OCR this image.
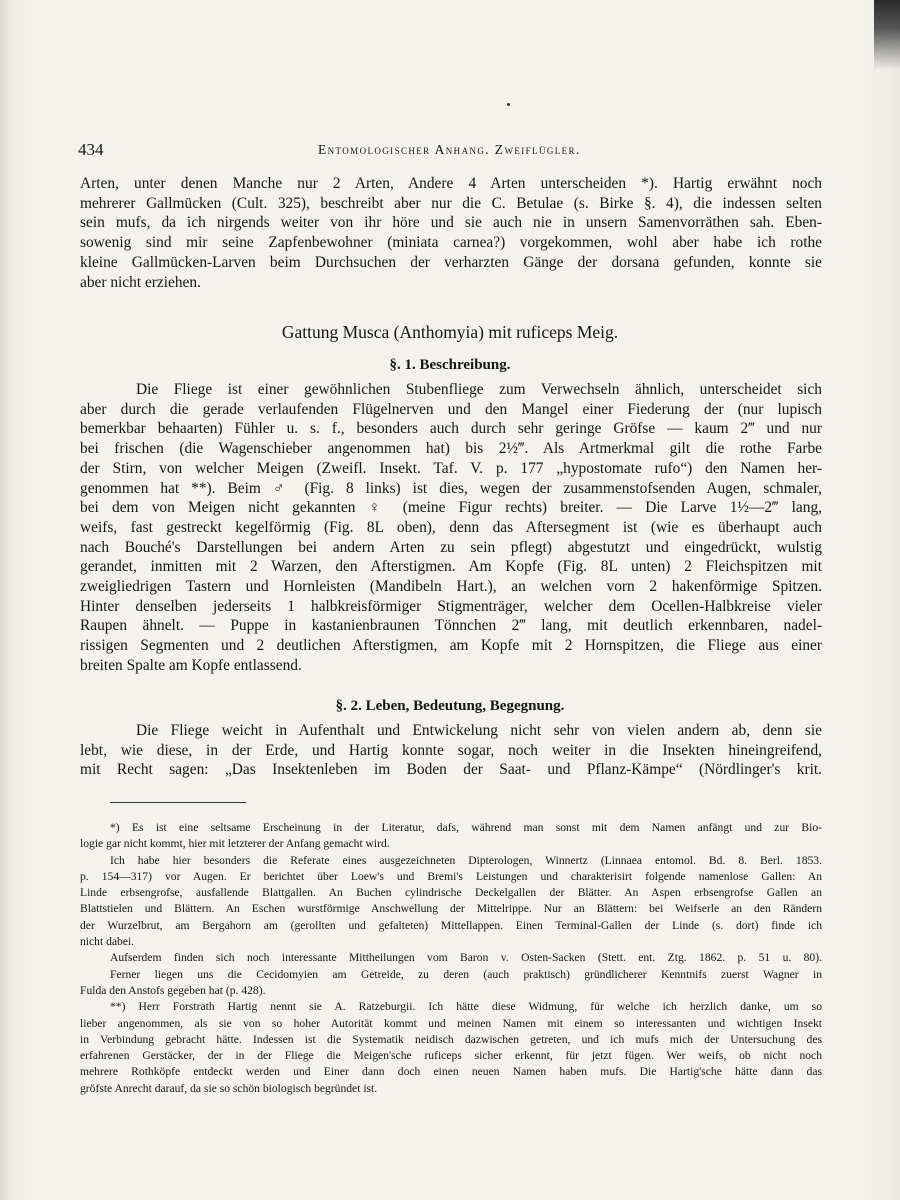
434	Entomologischer Anhang. Zweiflügler.
Arten, unter denen Manche nur 2 Arten, Andere 4 Arten unterscheiden *). Hartig erwähnt noch
mehrerer Gallmücken (Cult. 325), beschreibt aber nur die C. Betulae (s. Birke §. 4), die indessen selten
sein mufs, da ich nirgends weiter von ihr höre und sie auch nie in unsern Samenvorräthen sah. Eben-
sowenig sind mir seine Zapfenbewohner (miniata carnea?) vorgekommen, wohl aber habe ich rothe
kleine Gallmücken-Larven beim Durchsuchen der verharzten Gänge der dorsana gefunden, konnte sie
aber nicht erziehen.
Gattung Musca (Anthomyia) mit ruficeps Meig.
§. 1. Beschreibung.
Die Fliege ist einer gewöhnlichen Stubenfliege zum Verwechseln ähnlich, unterscheidet sich
aber durch die gerade verlaufenden Flügelnerven und den Mangel einer Fiederung der (nur lupisch
bemerkbar behaarten) Fühler u. s. f., besonders auch durch sehr geringe Gröfse — kaum 2‴ und nur
bei frischen (die Wagenschieber angenommen hat) bis 2½‴. Als Artmerkmal gilt die rothe Farbe
der Stirn, von welcher Meigen (Zweifl. Insekt. Taf. V. p. 177 „hypostomate rufo“) den Namen her-
genommen hat **). Beim ♂ (Fig. 8 links) ist dies, wegen der zusammenstofsenden Augen, schmaler,
bei dem von Meigen nicht gekannten ♀ (meine Figur rechts) breiter. — Die Larve 1½—2‴ lang,
weifs, fast gestreckt kegelförmig (Fig. 8L oben), denn das Aftersegment ist (wie es überhaupt auch
nach Bouché's Darstellungen bei andern Arten zu sein pflegt) abgestutzt und eingedrückt, wulstig
gerandet, inmitten mit 2 Warzen, den Afterstigmen. Am Kopfe (Fig. 8L unten) 2 Fleichspitzen mit
zweigliedrigen Tastern und Hornleisten (Mandibeln Hart.), an welchen vorn 2 hakenförmige Spitzen.
Hinter denselben jederseits 1 halbkreisförmiger Stigmenträger, welcher dem Ocellen-Halbkreise vieler
Raupen ähnelt. — Puppe in kastanienbraunen Tönnchen 2‴ lang, mit deutlich erkennbaren, nadel-
rissigen Segmenten und 2 deutlichen Afterstigmen, am Kopfe mit 2 Hornspitzen, die Fliege aus einer
breiten Spalte am Kopfe entlassend.
§. 2. Leben, Bedeutung, Begegnung.
Die Fliege weicht in Aufenthalt und Entwickelung nicht sehr von vielen andern ab, denn sie
lebt, wie diese, in der Erde, und Hartig konnte sogar, noch weiter in die Insekten hineingreifend,
mit Recht sagen: „Das Insektenleben im Boden der Saat- und Pflanz-Kämpe“ (Nördlinger's krit.
*) Es ist eine seltsame Erscheinung in der Literatur, dafs, während man sonst mit dem Namen anfängt und zur Bio-
logie gar nicht kommt, hier mit letzterer der Anfang gemacht wird.
Ich habe hier besonders die Referate eines ausgezeichneten Dipterologen, Winnertz (Linnaea entomol. Bd. 8. Berl. 1853.
p. 154—317) vor Augen. Er berichtet über Loew's und Bremi's Leistungen und charakterisirt folgende namenlose Gallen: An
Linde erbsengrofse, ausfallende Blattgallen. An Buchen cylindrische Deckelgallen der Blätter. An Aspen erbsengrofse Gallen an
Blattstielen und Blättern. An Eschen wurstförmige Anschwellung der Mittelrippe. Nur an Blättern: bei Weifserle an den Rändern
der Wurzelbrut, am Bergahorn am (gerollten und gefalteten) Mittellappen. Einen Terminal-Gallen der Linde (s. dort) finde ich
nicht dabei.
Aufserdem finden sich noch interessante Mittheilungen vom Baron v. Osten-Sacken (Stett. ent. Ztg. 1862. p. 51 u. 80).
Ferner liegen uns die Cecidomyien am Getreide, zu deren (auch praktisch) gründlicherer Kenntnifs zuerst Wagner in
Fulda den Anstofs gegeben hat (p. 428).
**) Herr Forstrath Hartig nennt sie A. Ratzeburgii. Ich hätte diese Widmung, für welche ich herzlich danke, um so
lieber angenommen, als sie von so hoher Autorität kommt und meinen Namen mit einem so interessanten und wichtigen Insekt
in Verbindung gebracht hätte. Indessen ist die Systematik neidisch dazwischen getreten, und ich mufs mich der Untersuchung des
erfahrenen Gerstäcker, der in der Fliege die Meigen'sche ruficeps sicher erkennt, für jetzt fügen. Wer weifs, ob nicht noch
mehrere Rothköpfe entdeckt werden und Einer dann doch einen neuen Namen haben mufs. Die Hartig'sche hätte dann das
gröfste Anrecht darauf, da sie so schön biologisch begründet ist.
